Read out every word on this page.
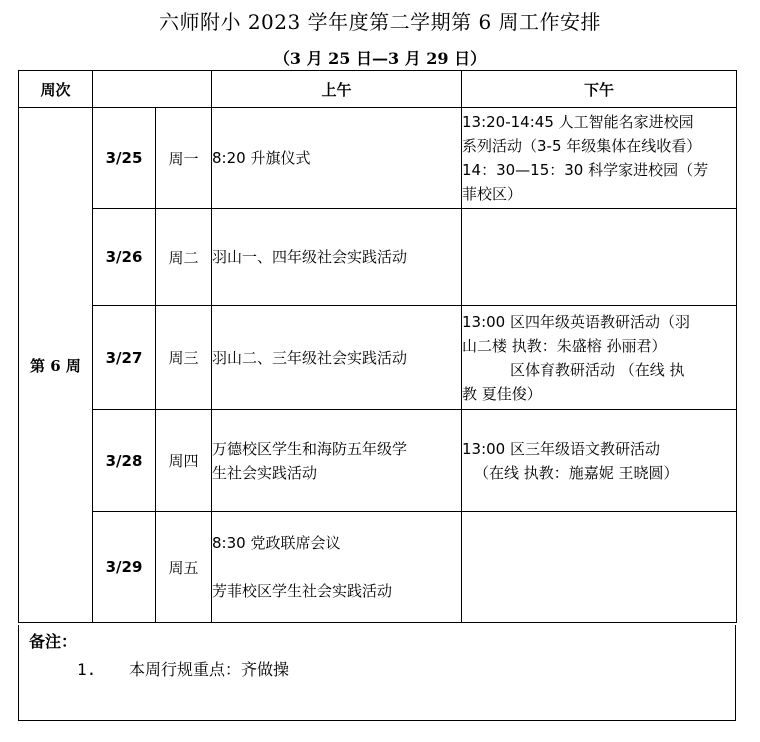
六师附小 2023 学年度第二学期第 6 周工作安排
（3 月 25 日—3 月 29 日）
周次			上午	下午
第 6 周	3/25	周一	8:20 升旗仪式	13:20-14:45 人工智能名家进校园
系列活动（3-5 年级集体在线收看）
14：30—15：30 科学家进校园（芳
菲校区）

	3/26	周二	羽山一、四年级社会实践活动	

	3/27	周三	羽山二、三年级社会实践活动	13:00 区四年级英语教研活动（羽
山二楼 执教：朱盛榕 孙丽君）
区体育教研活动 （在线 执
教 夏佳俊）

	3/28	周四	万德校区学生和海防五年级学
生社会实践活动	13:00 区三年级语文教研活动
（在线 执教：施嘉妮 王晓圆）

	3/29	周五	8:30 党政联席会议
芳菲校区学生社会实践活动	

备注：
1. 本周行规重点：齐做操
